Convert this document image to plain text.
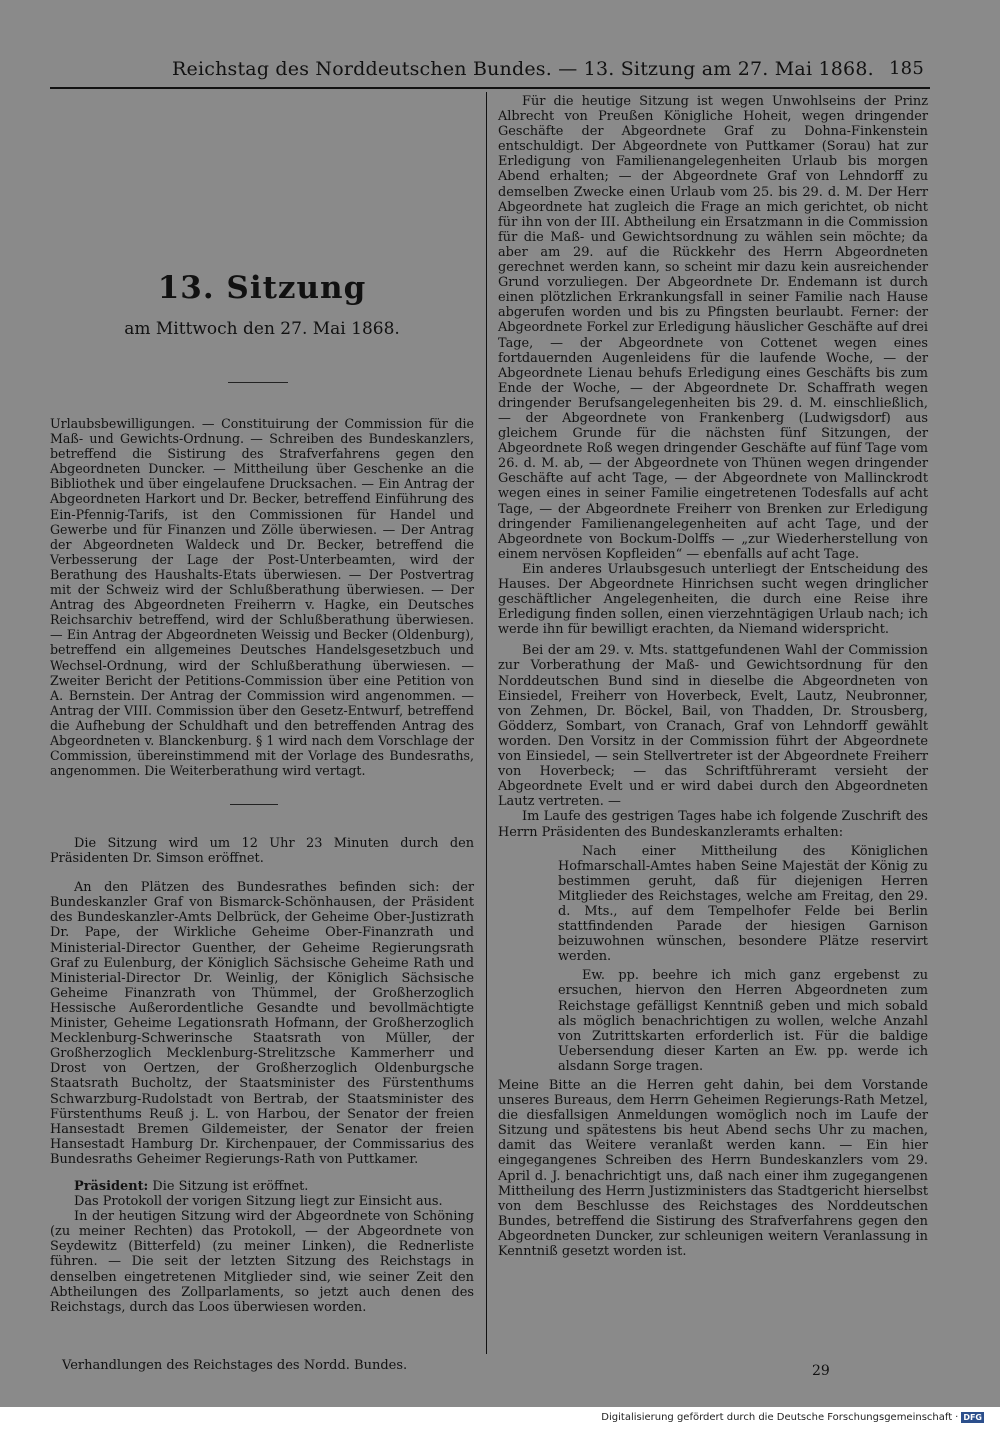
Reichstag des Norddeutschen Bundes. — 13. Sitzung am 27. Mai 1868. 185
13. Sitzung
am Mittwoch den 27. Mai 1868.

Urlaubsbewilligungen. — Constituirung der Commission für die Maß- und Gewichts-Ordnung. — Schreiben des Bundeskanzlers, betreffend die Sistirung des Strafverfahrens gegen den Abgeordneten Duncker. — Mittheilung über Geschenke an die Bibliothek und über eingelaufene Drucksachen. — Ein Antrag der Abgeordneten Harkort und Dr. Becker, betreffend Einführung des Ein-Pfennig-Tarifs, ist den Commissionen für Handel und Gewerbe und für Finanzen und Zölle überwiesen. — Der Antrag der Abgeordneten Waldeck und Dr. Becker, betreffend die Verbesserung der Lage der Post-Unterbeamten, wird der Berathung des Haushalts-Etats überwiesen. — Der Postvertrag mit der Schweiz wird der Schlußberathung überwiesen. — Der Antrag des Abgeordneten Freiherrn v. Hagke, ein Deutsches Reichsarchiv betreffend, wird der Schlußberathung überwiesen. — Ein Antrag der Abgeordneten Weissig und Becker (Oldenburg), betreffend ein allgemeines Deutsches Handelsgesetzbuch und Wechsel-Ordnung, wird der Schlußberathung überwiesen. — Zweiter Bericht der Petitions-Commission über eine Petition von A. Bernstein. Der Antrag der Commission wird angenommen. — Antrag der VIII. Commission über den Gesetz-Entwurf, betreffend die Aufhebung der Schuldhaft und den betreffenden Antrag des Abgeordneten v. Blanckenburg. § 1 wird nach dem Vorschlage der Commission, übereinstimmend mit der Vorlage des Bundesraths, angenommen. Die Weiterberathung wird vertagt.

Die Sitzung wird um 12 Uhr 23 Minuten durch den Präsidenten Dr. Simson eröffnet.

An den Plätzen des Bundesrathes befinden sich: der Bundeskanzler Graf von Bismarck-Schönhausen, der Präsident des Bundeskanzler-Amts Delbrück, der Geheime Ober-Justizrath Dr. Pape, der Wirkliche Geheime Ober-Finanzrath und Ministerial-Director Guenther, der Geheime Regierungsrath Graf zu Eulenburg, der Königlich Sächsische Geheime Rath und Ministerial-Director Dr. Weinlig, der Königlich Sächsische Geheime Finanzrath von Thümmel, der Großherzoglich Hessische Außerordentliche Gesandte und bevollmächtigte Minister, Geheime Legationsrath Hofmann, der Großherzoglich Mecklenburg-Schwerinsche Staatsrath von Müller, der Großherzoglich Mecklenburg-Strelitzsche Kammerherr und Drost von Oertzen, der Großherzoglich Oldenburgsche Staatsrath Bucholtz, der Staatsminister des Fürstenthums Schwarzburg-Rudolstadt von Bertrab, der Staatsminister des Fürstenthums Reuß j. L. von Harbou, der Senator der freien Hansestadt Bremen Gildemeister, der Senator der freien Hansestadt Hamburg Dr. Kirchenpauer, der Commissarius des Bundesraths Geheimer Regierungs-Rath von Puttkamer.

Präsident: Die Sitzung ist eröffnet.

Das Protokoll der vorigen Sitzung liegt zur Einsicht aus.

In der heutigen Sitzung wird der Abgeordnete von Schöning (zu meiner Rechten) das Protokoll, — der Abgeordnete von Seydewitz (Bitterfeld) (zu meiner Linken), die Rednerliste führen. — Die seit der letzten Sitzung des Reichstags in denselben eingetretenen Mitglieder sind, wie seiner Zeit den Abtheilungen des Zollparlaments, so jetzt auch denen des Reichstags, durch das Loos überwiesen worden.

Für die heutige Sitzung ist wegen Unwohlseins der Prinz Albrecht von Preußen Königliche Hoheit, wegen dringender Geschäfte der Abgeordnete Graf zu Dohna-Finkenstein entschuldigt. Der Abgeordnete von Puttkamer (Sorau) hat zur Erledigung von Familienangelegenheiten Urlaub bis morgen Abend erhalten; — der Abgeordnete Graf von Lehndorff zu demselben Zwecke einen Urlaub vom 25. bis 29. d. M. Der Herr Abgeordnete hat zugleich die Frage an mich gerichtet, ob nicht für ihn von der III. Abtheilung ein Ersatzmann in die Commission für die Maß- und Gewichtsordnung zu wählen sein möchte; da aber am 29. auf die Rückkehr des Herrn Abgeordneten gerechnet werden kann, so scheint mir dazu kein ausreichender Grund vorzuliegen. Der Abgeordnete Dr. Endemann ist durch einen plötzlichen Erkrankungsfall in seiner Familie nach Hause abgerufen worden und bis zu Pfingsten beurlaubt. Ferner: der Abgeordnete Forkel zur Erledigung häuslicher Geschäfte auf drei Tage, — der Abgeordnete von Cottenet wegen eines fortdauernden Augenleidens für die laufende Woche, — der Abgeordnete Lienau behufs Erledigung eines Geschäfts bis zum Ende der Woche, — der Abgeordnete Dr. Schaffrath wegen dringender Berufsangelegenheiten bis 29. d. M. einschließlich, — der Abgeordnete von Frankenberg (Ludwigsdorf) aus gleichem Grunde für die nächsten fünf Sitzungen, der Abgeordnete Roß wegen dringender Geschäfte auf fünf Tage vom 26. d. M. ab, — der Abgeordnete von Thünen wegen dringender Geschäfte auf acht Tage, — der Abgeordnete von Mallinckrodt wegen eines in seiner Familie eingetretenen Todesfalls auf acht Tage, — der Abgeordnete Freiherr von Brenken zur Erledigung dringender Familienangelegenheiten auf acht Tage, und der Abgeordnete von Bockum-Dolffs — „zur Wiederherstellung von einem nervösen Kopfleiden“ — ebenfalls auf acht Tage.

Ein anderes Urlaubsgesuch unterliegt der Entscheidung des Hauses. Der Abgeordnete Hinrichsen sucht wegen dringlicher geschäftlicher Angelegenheiten, die durch eine Reise ihre Erledigung finden sollen, einen vierzehntägigen Urlaub nach; ich werde ihn für bewilligt erachten, da Niemand widerspricht.

Bei der am 29. v. Mts. stattgefundenen Wahl der Commission zur Vorberathung der Maß- und Gewichtsordnung für den Norddeutschen Bund sind in dieselbe die Abgeordneten von Einsiedel, Freiherr von Hoverbeck, Evelt, Lautz, Neubronner, von Zehmen, Dr. Böckel, Bail, von Thadden, Dr. Strousberg, Gödderz, Sombart, von Cranach, Graf von Lehndorff gewählt worden. Den Vorsitz in der Commission führt der Abgeordnete von Einsiedel, — sein Stellvertreter ist der Abgeordnete Freiherr von Hoverbeck; — das Schriftführeramt versieht der Abgeordnete Evelt und er wird dabei durch den Abgeordneten Lautz vertreten. —

Im Laufe des gestrigen Tages habe ich folgende Zuschrift des Herrn Präsidenten des Bundeskanzleramts erhalten:

Nach einer Mittheilung des Königlichen Hofmarschall-Amtes haben Seine Majestät der König zu bestimmen geruht, daß für diejenigen Herren Mitglieder des Reichstages, welche am Freitag, den 29. d. Mts., auf dem Tempelhofer Felde bei Berlin stattfindenden Parade der hiesigen Garnison beizuwohnen wünschen, besondere Plätze reservirt werden.

Ew. pp. beehre ich mich ganz ergebenst zu ersuchen, hiervon den Herren Abgeordneten zum Reichstage gefälligst Kenntniß geben und mich sobald als möglich benachrichtigen zu wollen, welche Anzahl von Zutrittskarten erforderlich ist. Für die baldige Uebersendung dieser Karten an Ew. pp. werde ich alsdann Sorge tragen.

Meine Bitte an die Herren geht dahin, bei dem Vorstande unseres Bureaus, dem Herrn Geheimen Regierungs-Rath Metzel, die diesfallsigen Anmeldungen womöglich noch im Laufe der Sitzung und spätestens bis heut Abend sechs Uhr zu machen, damit das Weitere veranlaßt werden kann. — Ein hier eingegangenes Schreiben des Herrn Bundeskanzlers vom 29. April d. J. benachrichtigt uns, daß nach einer ihm zugegangenen Mittheilung des Herrn Justizministers das Stadtgericht hierselbst von dem Beschlusse des Reichstages des Norddeutschen Bundes, betreffend die Sistirung des Strafverfahrens gegen den Abgeordneten Duncker, zur schleunigen weitern Veranlassung in Kenntniß gesetzt worden ist.

Verhandlungen des Reichstages des Nordd. Bundes.	29
Digitalisierung gefördert durch die Deutsche Forschungsgemeinschaft · DFG
